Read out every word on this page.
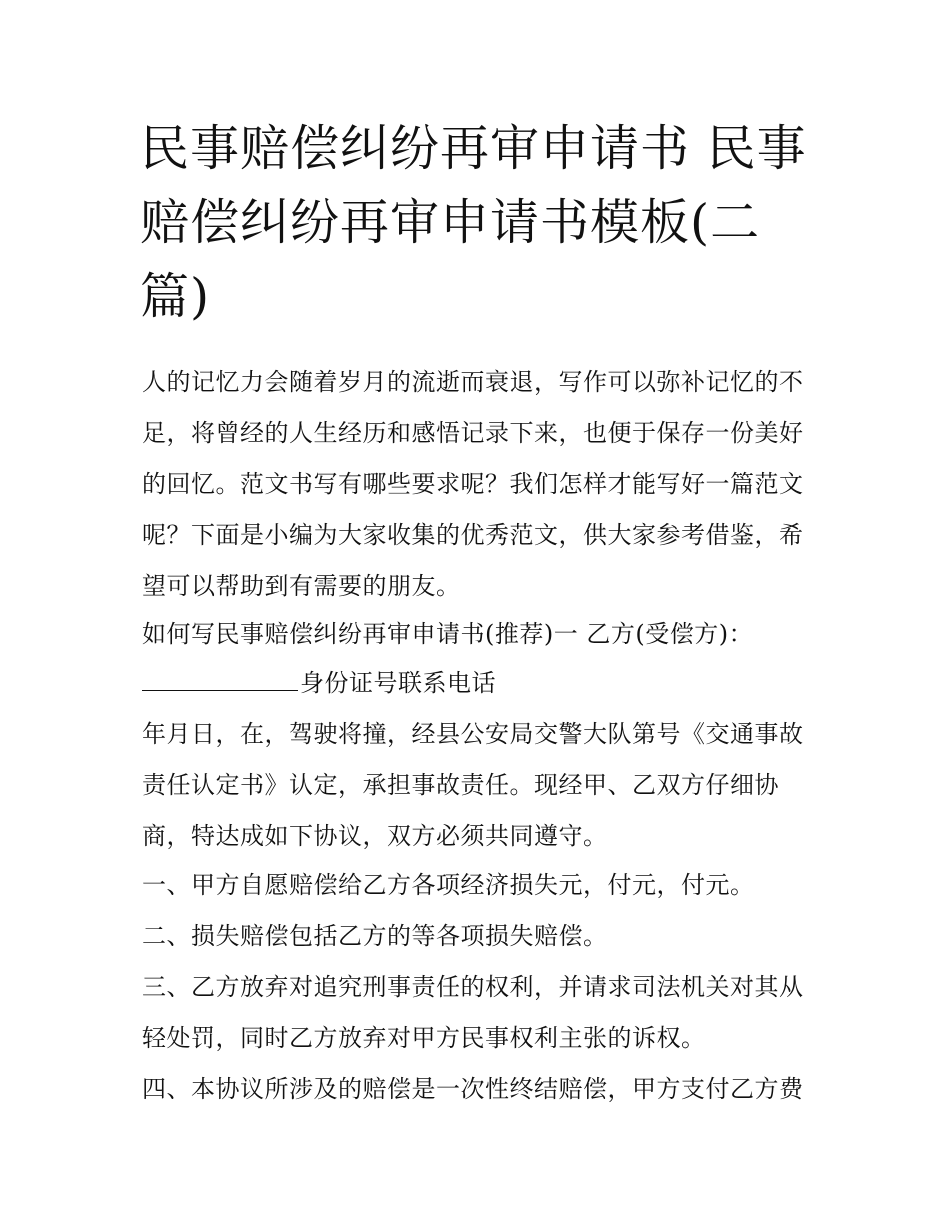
民事赔偿纠纷再审申请书 民事
赔偿纠纷再审申请书模板(二
篇)

人的记忆力会随着岁月的流逝而衰退，写作可以弥补记忆的不
足，将曾经的人生经历和感悟记录下来，也便于保存一份美好
的回忆。范文书写有哪些要求呢？我们怎样才能写好一篇范文
呢？下面是小编为大家收集的优秀范文，供大家参考借鉴，希
望可以帮助到有需要的朋友。

如何写民事赔偿纠纷再审申请书(推荐)一 乙方(受偿方)：

身份证号联系电话

年月日，在，驾驶将撞，经县公安局交警大队第号《交通事故
责任认定书》认定，承担事故责任。现经甲、乙双方仔细协
商，特达成如下协议，双方必须共同遵守。

一、甲方自愿赔偿给乙方各项经济损失元，付元，付元。

二、损失赔偿包括乙方的等各项损失赔偿。

三、乙方放弃对追究刑事责任的权利，并请求司法机关对其从
轻处罚，同时乙方放弃对甲方民事权利主张的诉权。

四、本协议所涉及的赔偿是一次性终结赔偿，甲方支付乙方费
